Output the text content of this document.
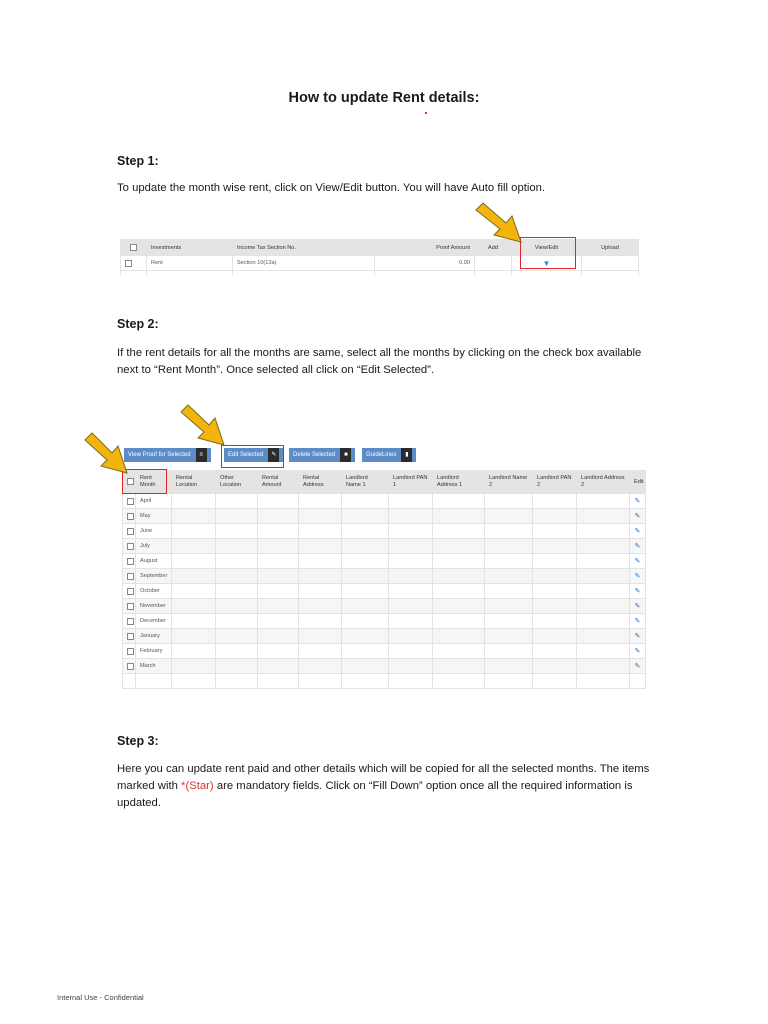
How to update Rent details:
Step 1:
To update the month wise rent, click on View/Edit button. You will have Auto fill option.
	Investments	Income Tax Section No.	Proof Amount	Add	View/Edit	Upload
	Rent	Section 10(13a)	0.00		▼	

Step 2:
If the rent details for all the months are same, select all the months by clicking on the check box available next to “Rent Month”. Once selected all click on “Edit Selected”.
View Proof for Selected ≡	Edit Selected ✎	Delete Selected ■	GuideLines ▮
	Rent Month	Rental Location	Other Location	Rental Amount	Rental Address	Landlord Name 1	Landlord PAN 1	Landlord Address 1	Landlord Name 2	Landlord PAN 2	Landlord Address 2	Edit
	April											✎
	May											✎
	June											✎
	July											✎
	August											✎
	September											✎
	October											✎
	November											✎
	December											✎
	January											✎
	February											✎
	March											✎

Step 3:
Here you can update rent paid and other details which will be copied for all the selected months. The items marked with *(Star) are mandatory fields. Click on “Fill Down” option once all the required information is updated.
Internal Use - Confidential
